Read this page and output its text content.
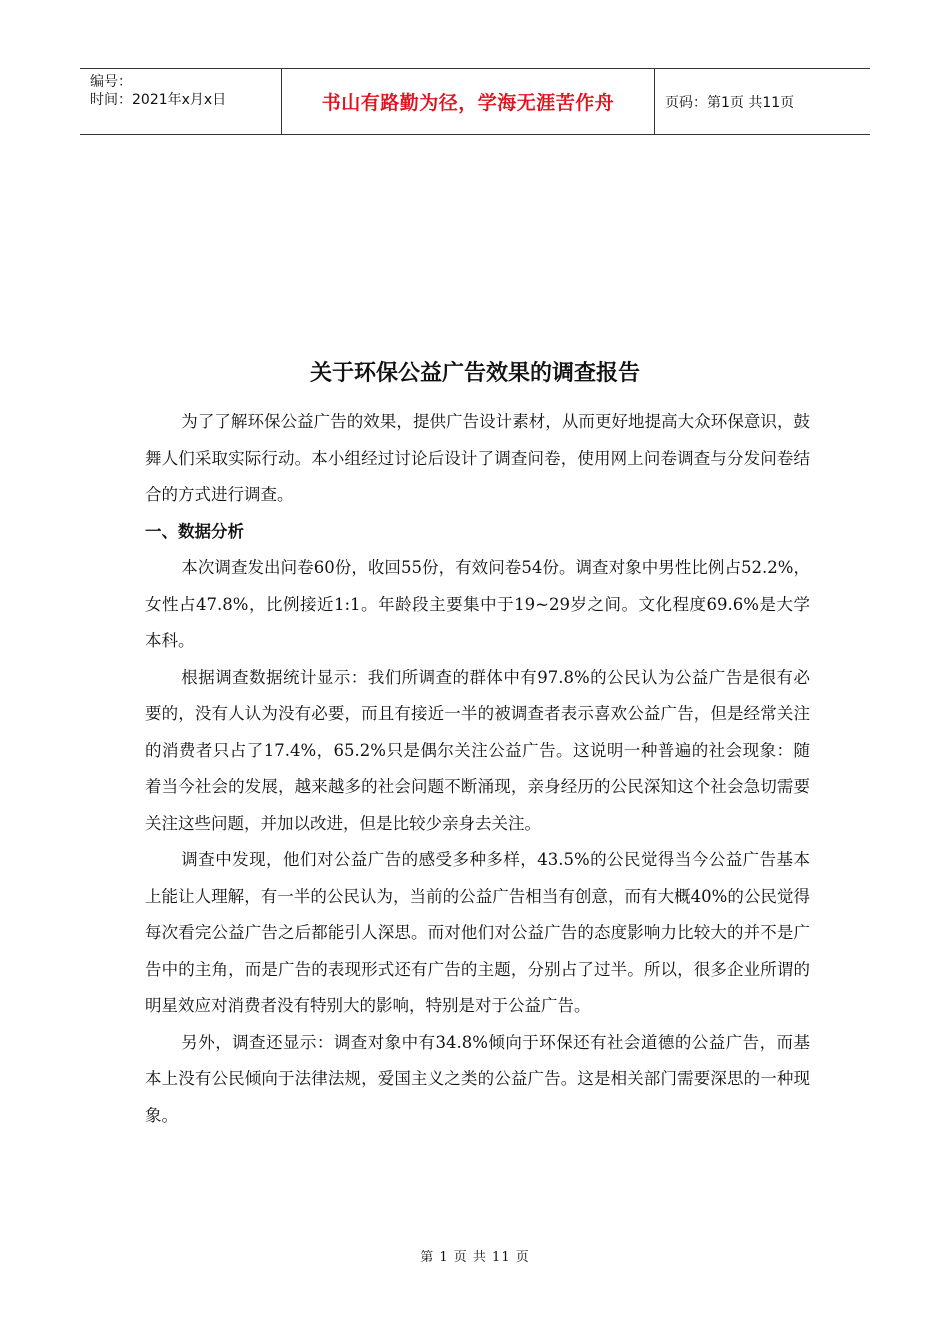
编号：
时间：2021年x月x日	书山有路勤为径，学海无涯苦作舟	页码：第1页 共11页
关于环保公益广告效果的调查报告

为了了解环保公益广告的效果，提供广告设计素材，从而更好地提高大众环保意识，鼓舞人们采取实际行动。本小组经过讨论后设计了调查问卷，使用网上问卷调查与分发问卷结合的方式进行调查。

一、数据分析

本次调查发出问卷60份，收回55份，有效问卷54份。调查对象中男性比例占52.2%，女性占47.8%，比例接近1:1。年龄段主要集中于19~29岁之间。文化程度69.6%是大学本科。

根据调查数据统计显示：我们所调查的群体中有97.8%的公民认为公益广告是很有必要的，没有人认为没有必要，而且有接近一半的被调查者表示喜欢公益广告，但是经常关注的消费者只占了17.4%，65.2%只是偶尔关注公益广告。这说明一种普遍的社会现象：随着当今社会的发展，越来越多的社会问题不断涌现，亲身经历的公民深知这个社会急切需要关注这些问题，并加以改进，但是比较少亲身去关注。

调查中发现，他们对公益广告的感受多种多样，43.5%的公民觉得当今公益广告基本上能让人理解，有一半的公民认为，当前的公益广告相当有创意，而有大概40%的公民觉得每次看完公益广告之后都能引人深思。而对他们对公益广告的态度影响力比较大的并不是广告中的主角，而是广告的表现形式还有广告的主题，分别占了过半。所以，很多企业所谓的明星效应对消费者没有特别大的影响，特别是对于公益广告。

另外，调查还显示：调查对象中有34.8%倾向于环保还有社会道德的公益广告，而基本上没有公民倾向于法律法规，爱国主义之类的公益广告。这是相关部门需要深思的一种现象。

第 1 页 共 11 页
